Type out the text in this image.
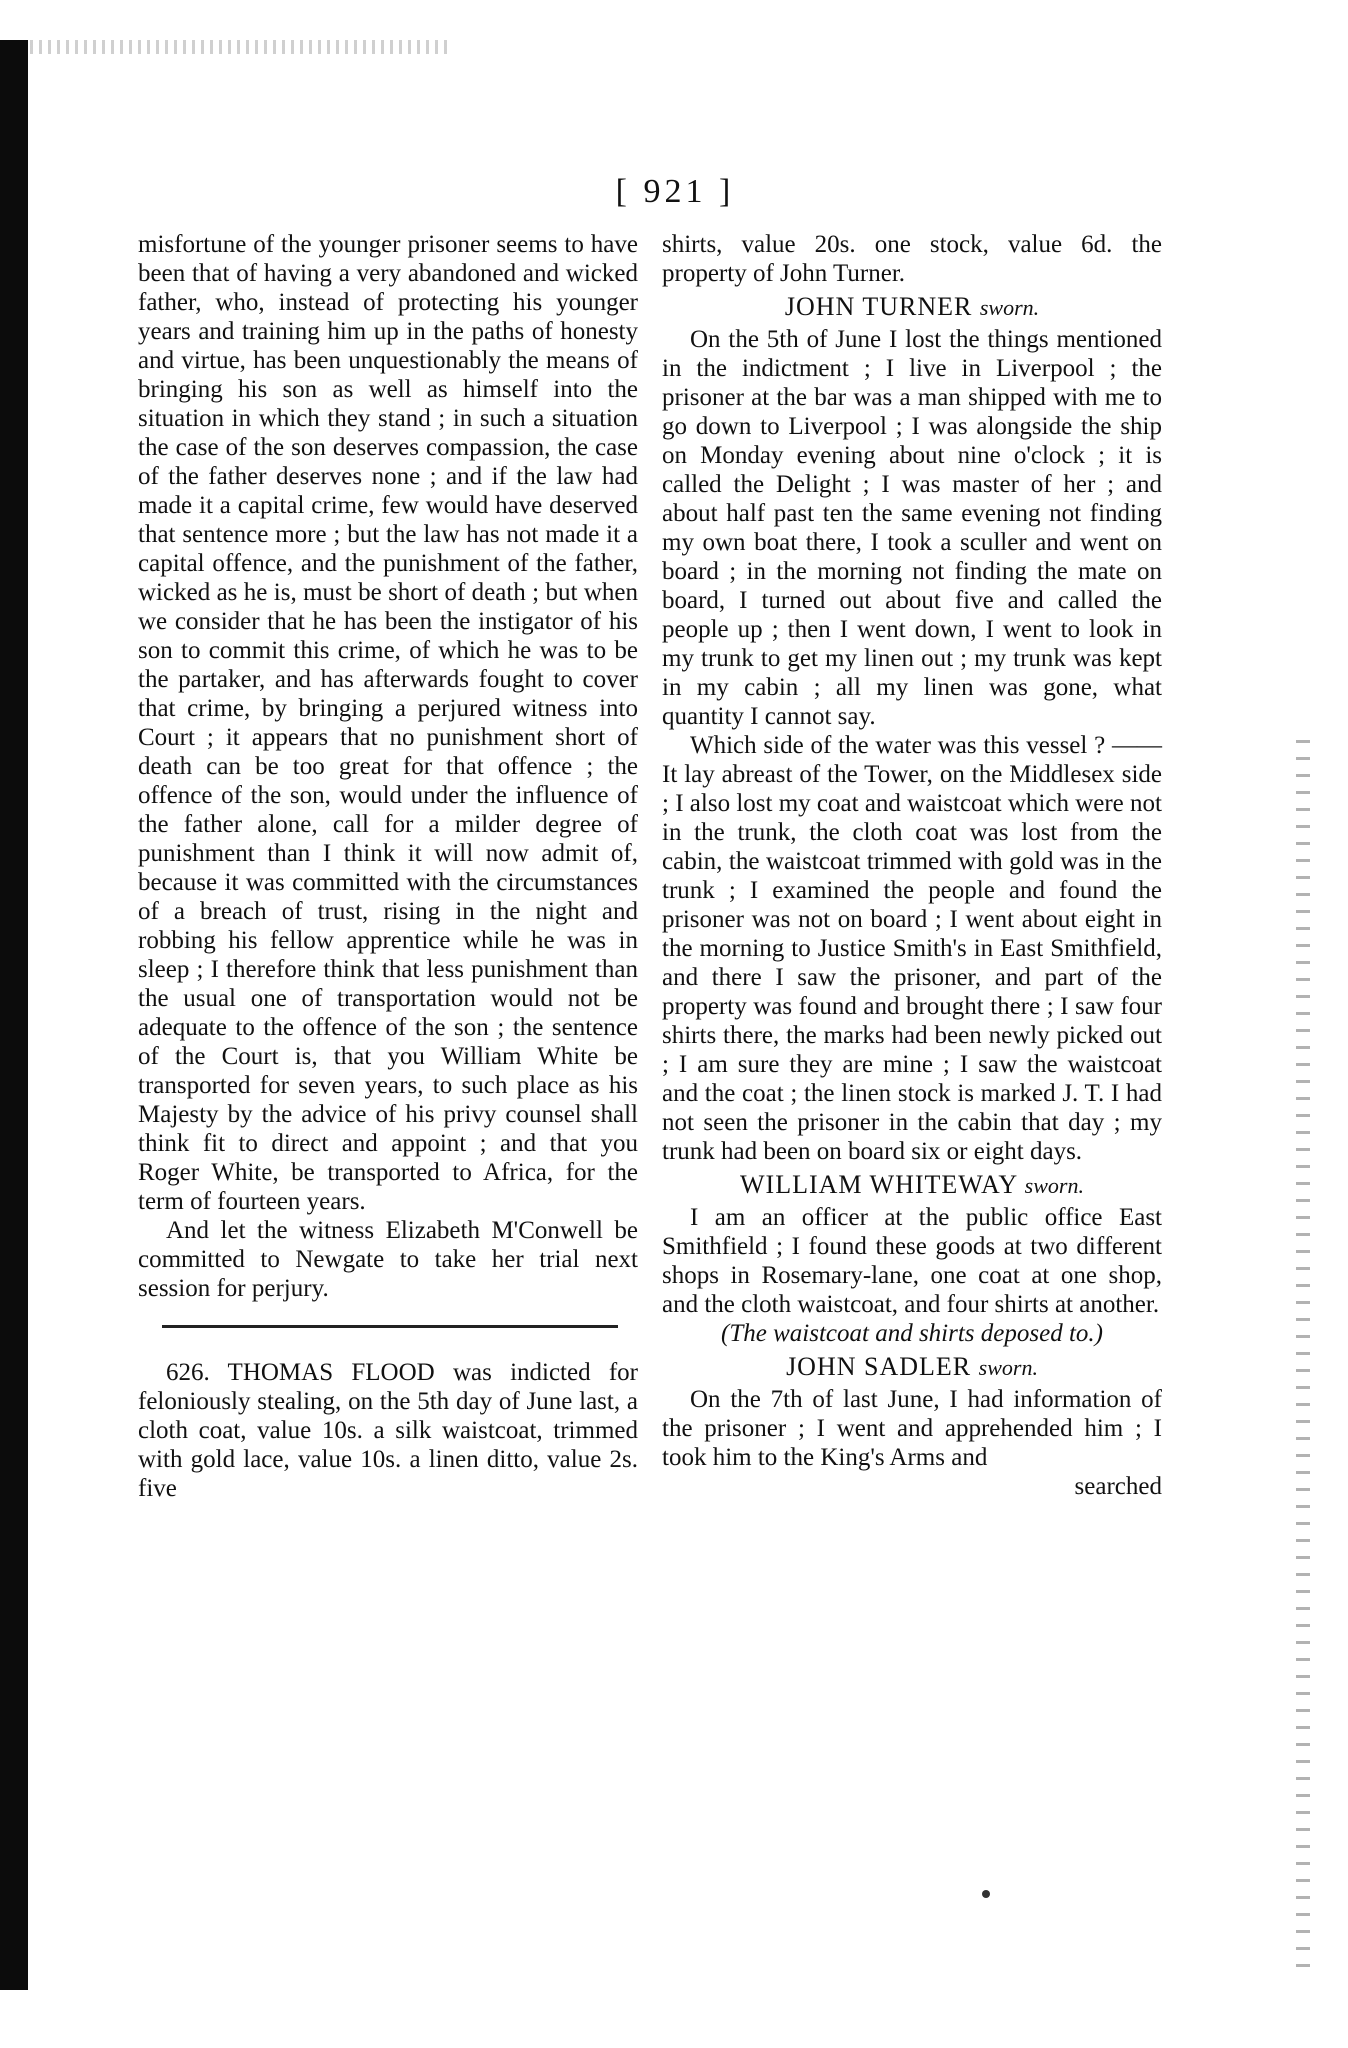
[ 921 ]

misfortune of the younger prisoner seems to have been that of having a very abandoned and wicked father, who, instead of protecting his younger years and training him up in the paths of honesty and virtue, has been unquestionably the means of bringing his son as well as himself into the situation in which they stand ; in such a situation the case of the son deserves compassion, the case of the father deserves none ; and if the law had made it a capital crime, few would have deserved that sentence more ; but the law has not made it a capital offence, and the punishment of the father, wicked as he is, must be short of death ; but when we consider that he has been the instigator of his son to commit this crime, of which he was to be the partaker, and has afterwards fought to cover that crime, by bringing a perjured witness into Court ; it appears that no punishment short of death can be too great for that offence ; the offence of the son, would under the influence of the father alone, call for a milder degree of punishment than I think it will now admit of, because it was committed with the circumstances of a breach of trust, rising in the night and robbing his fellow apprentice while he was in sleep ; I therefore think that less punishment than the usual one of transportation would not be adequate to the offence of the son ; the sentence of the Court is, that you William White be transported for seven years, to such place as his Majesty by the advice of his privy counsel shall think fit to direct and appoint ; and that you Roger White, be transported to Africa, for the term of fourteen years.

And let the witness Elizabeth M'Conwell be committed to Newgate to take her trial next session for perjury.

626. THOMAS FLOOD was indicted for feloniously stealing, on the 5th day of June last, a cloth coat, value 10s. a silk waistcoat, trimmed with gold lace, value 10s. a linen ditto, value 2s. five

shirts, value 20s. one stock, value 6d. the property of John Turner.

JOHN TURNER sworn.

On the 5th of June I lost the things mentioned in the indictment ; I live in Liverpool ; the prisoner at the bar was a man shipped with me to go down to Liverpool ; I was alongside the ship on Monday evening about nine o'clock ; it is called the Delight ; I was master of her ; and about half past ten the same evening not finding my own boat there, I took a sculler and went on board ; in the morning not finding the mate on board, I turned out about five and called the people up ; then I went down, I went to look in my trunk to get my linen out ; my trunk was kept in my cabin ; all my linen was gone, what quantity I cannot say.

Which side of the water was this vessel ? ——It lay abreast of the Tower, on the Middlesex side ; I also lost my coat and waistcoat which were not in the trunk, the cloth coat was lost from the cabin, the waistcoat trimmed with gold was in the trunk ; I examined the people and found the prisoner was not on board ; I went about eight in the morning to Justice Smith's in East Smithfield, and there I saw the prisoner, and part of the property was found and brought there ; I saw four shirts there, the marks had been newly picked out ; I am sure they are mine ; I saw the waistcoat and the coat ; the linen stock is marked J. T. I had not seen the prisoner in the cabin that day ; my trunk had been on board six or eight days.

WILLIAM WHITEWAY sworn.

I am an officer at the public office East Smithfield ; I found these goods at two different shops in Rosemary-lane, one coat at one shop, and the cloth waistcoat, and four shirts at another.

(The waistcoat and shirts deposed to.)

JOHN SADLER sworn.

On the 7th of last June, I had information of the prisoner ; I went and apprehended him ; I took him to the King's Arms and

searched
